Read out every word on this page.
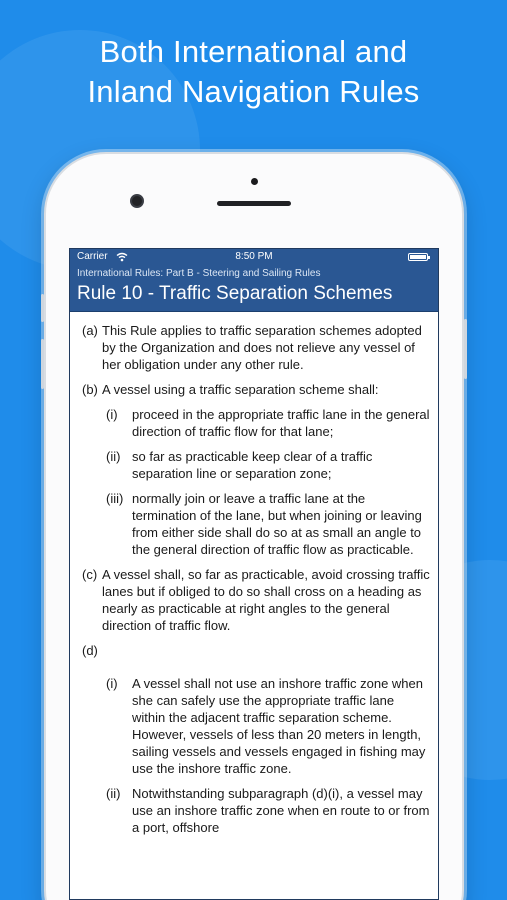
Both International and
Inland Navigation Rules
Carrier	8:50 PM
International Rules: Part B - Steering and Sailing Rules
Rule 10 - Traffic Separation Schemes
(a) This Rule applies to traffic separation schemes adopted by the Organization and does not relieve any vessel of her obligation under any other rule.
(b) A vessel using a traffic separation scheme shall:
(i)	proceed in the appropriate traffic lane in the general direction of traffic flow for that lane;
(ii) so far as practicable keep clear of a traffic separation line or separation zone;
(iii) normally join or leave a traffic lane at the termination of the lane, but when joining or leaving from either side shall do so at as small an angle to the general direction of traffic flow as practicable.
(c) A vessel shall, so far as practicable, avoid crossing traffic lanes but if obliged to do so shall cross on a heading as nearly as practicable at right angles to the general direction of traffic flow.
(d)
(i)	A vessel shall not use an inshore traffic zone when she can safely use the appropriate traffic lane within the adjacent traffic separation scheme. However, vessels of less than 20 meters in length, sailing vessels and vessels engaged in fishing may use the inshore traffic zone.
(ii) Notwithstanding subparagraph (d)(i), a vessel may use an inshore traffic zone when en route to or from a port, offshore
